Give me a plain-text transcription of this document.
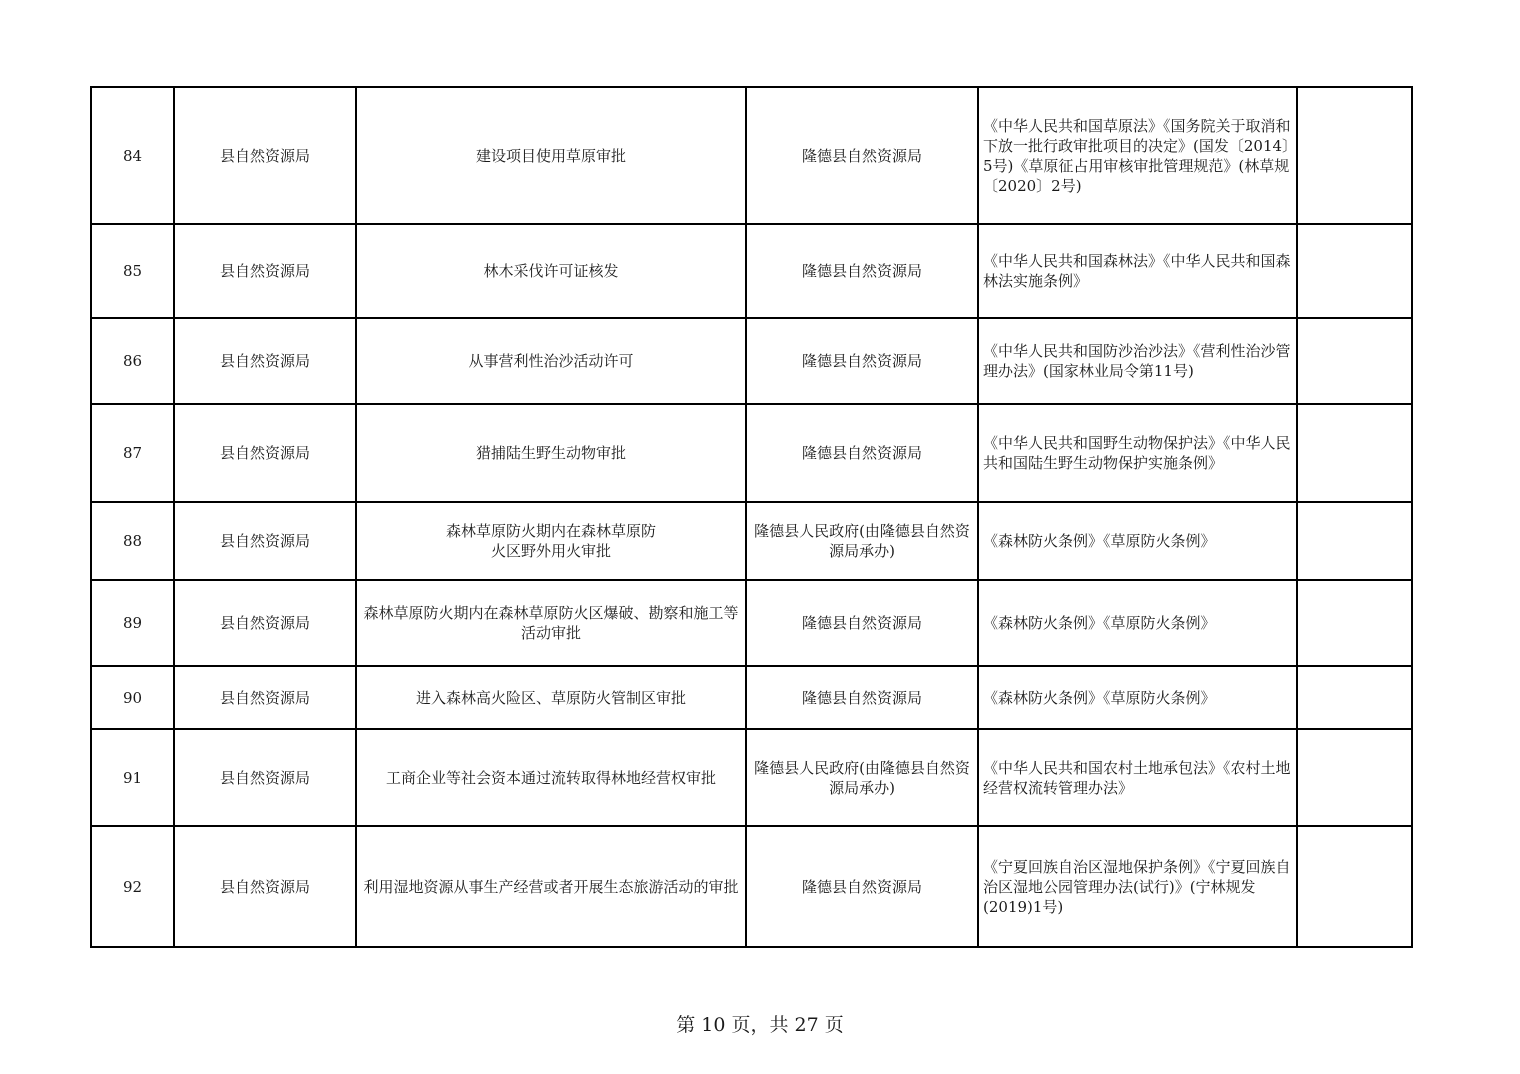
84	县自然资源局	建设项目使用草原审批	隆德县自然资源局	《中华人民共和国草原法》《国务院关于取消和下放一批行政审批项目的决定》(国发〔2014〕5号)《草原征占用审核审批管理规范》(林草规〔2020〕2号)	
85	县自然资源局	林木采伐许可证核发	隆德县自然资源局	《中华人民共和国森林法》《中华人民共和国森林法实施条例》	
86	县自然资源局	从事营利性治沙活动许可	隆德县自然资源局	《中华人民共和国防沙治沙法》《营利性治沙管理办法》(国家林业局令第11号)	
87	县自然资源局	猎捕陆生野生动物审批	隆德县自然资源局	《中华人民共和国野生动物保护法》《中华人民共和国陆生野生动物保护实施条例》	
88	县自然资源局	森林草原防火期内在森林草原防火区野外用火审批	隆德县人民政府(由隆德县自然资源局承办)	《森林防火条例》《草原防火条例》	
89	县自然资源局	森林草原防火期内在森林草原防火区爆破、勘察和施工等活动审批	隆德县自然资源局	《森林防火条例》《草原防火条例》	
90	县自然资源局	进入森林高火险区、草原防火管制区审批	隆德县自然资源局	《森林防火条例》《草原防火条例》	
91	县自然资源局	工商企业等社会资本通过流转取得林地经营权审批	隆德县人民政府(由隆德县自然资源局承办)	《中华人民共和国农村土地承包法》《农村土地经营权流转管理办法》	
92	县自然资源局	利用湿地资源从事生产经营或者开展生态旅游活动的审批	隆德县自然资源局	《宁夏回族自治区湿地保护条例》《宁夏回族自治区湿地公园管理办法(试行)》(宁林规发(2019)1号)	
第 10 页，共 27 页
